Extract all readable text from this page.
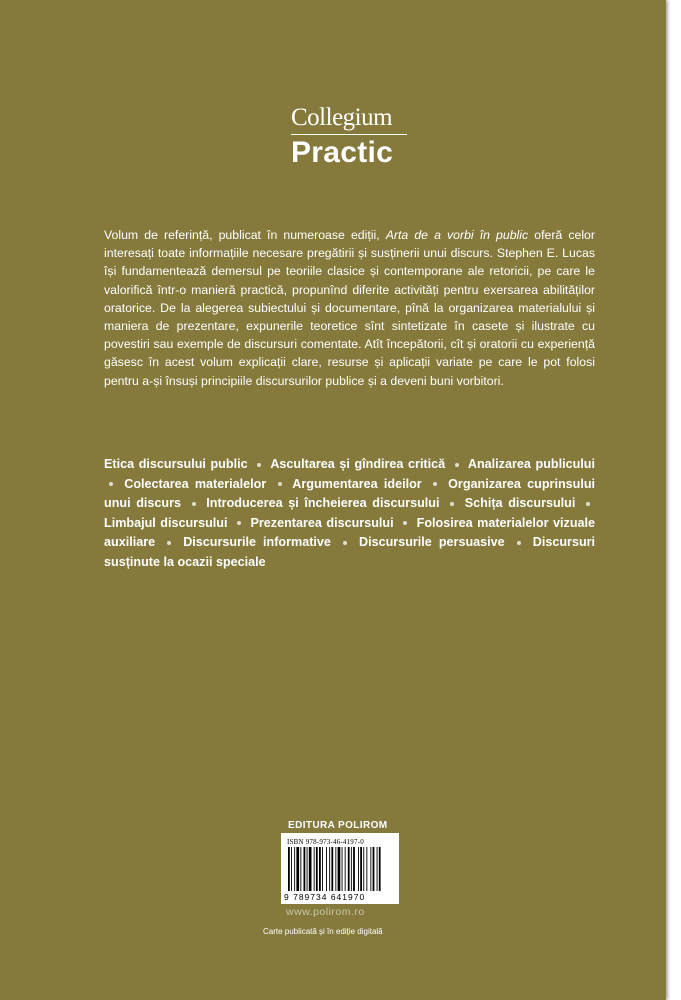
Collegium
Practic

Volum de referință, publicat în numeroase ediții, Arta de a vorbi în public oferă celor interesați toate informațiile necesare pregătirii și susținerii unui discurs. Stephen E. Lucas își fundamentează demersul pe teoriile clasice și contemporane ale retoricii, pe care le valorifică într-o manieră practică, propunînd diferite activități pentru exersarea abilităților oratorice. De la alegerea subiectului și documentare, pînă la organizarea materialului și maniera de prezentare, expunerile teoretice sînt sintetizate în casete și ilustrate cu povestiri sau exemple de discursuri comentate. Atît începătorii, cît și oratorii cu experiență găsesc în acest volum explicații clare, resurse și aplicații variate pe care le pot folosi pentru a-și însuși principiile discursurilor publice și a deveni buni vorbitori.

Etica discursului public Ascultarea și gîndirea critică Analizarea publicului  Colectarea materialelor Argumentarea ideilor Organizarea cuprinsului unui discurs Introducerea și încheierea discursului Schița discursului  Limbajul discursului Prezentarea discursului Folosirea materialelor vizuale auxiliare Discursurile informative Discursurile persuasive Discursuri susținute la ocazii speciale

EDITURA POLIROM
ISBN 978-973-46-4197-0
9 789734 641970
www.polirom.ro
Carte publicată și în ediție digitală
